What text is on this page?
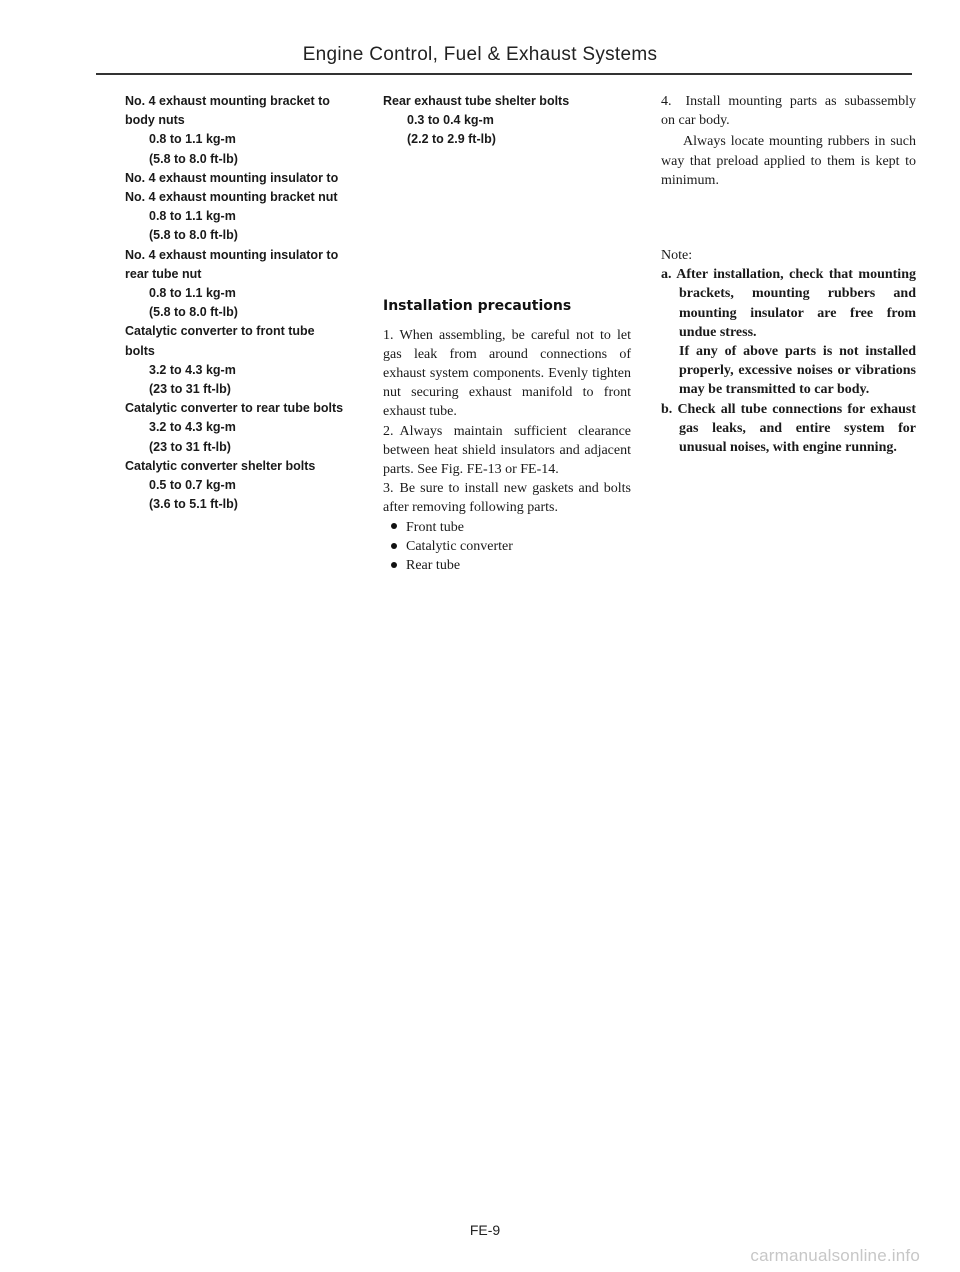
Engine Control, Fuel & Exhaust Systems
No. 4 exhaust mounting bracket to body nuts
0.8 to 1.1 kg-m
(5.8 to 8.0 ft-lb)
No. 4 exhaust mounting insulator to No. 4 exhaust mounting bracket nut
0.8 to 1.1 kg-m
(5.8 to 8.0 ft-lb)
No. 4 exhaust mounting insulator to rear tube nut
0.8 to 1.1 kg-m
(5.8 to 8.0 ft-lb)
Catalytic converter to front tube bolts
3.2 to 4.3 kg-m
(23 to 31 ft-lb)
Catalytic converter to rear tube bolts
3.2 to 4.3 kg-m
(23 to 31 ft-lb)
Catalytic converter shelter bolts
0.5 to 0.7 kg-m
(3.6 to 5.1 ft-lb)
Rear exhaust tube shelter bolts
0.3 to 0.4 kg-m
(2.2 to 2.9 ft-lb)
Installation precautions
1. When assembling, be careful not to let gas leak from around connections of exhaust system components. Evenly tighten nut securing exhaust manifold to front exhaust tube.
2. Always maintain sufficient clearance between heat shield insulators and adjacent parts. See Fig. FE-13 or FE-14.
3. Be sure to install new gaskets and bolts after removing following parts.
Front tube
Catalytic converter
Rear tube
4. Install mounting parts as subassembly on car body.
Always locate mounting rubbers in such way that preload applied to them is kept to minimum.
Note:
a. After installation, check that mounting brackets, mounting rubbers and mounting insulator are free from undue stress.
If any of above parts is not installed properly, excessive noises or vibrations may be transmitted to car body.
b. Check all tube connections for exhaust gas leaks, and entire system for unusual noises, with engine running.
FE-9
carmanualsonline.info
